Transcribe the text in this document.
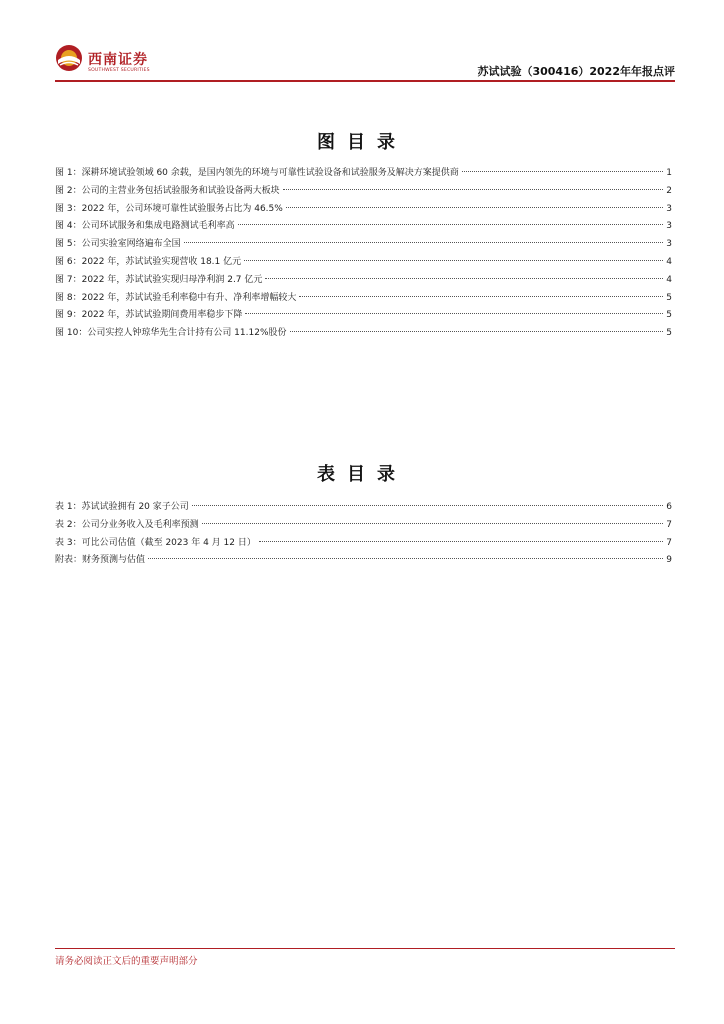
西南证券
SOUTHWEST SECURITIES	苏试试验（300416）2022年年报点评
图目录
图 1：深耕环境试验领域 60 余载，是国内领先的环境与可靠性试验设备和试验服务及解决方案提供商	1
图 2：公司的主营业务包括试验服务和试验设备两大板块	2
图 3：2022 年，公司环境可靠性试验服务占比为 46.5%	3
图 4：公司环试服务和集成电路测试毛利率高	3
图 5：公司实验室网络遍布全国	3
图 6：2022 年，苏试试验实现营收 18.1 亿元	4
图 7：2022 年，苏试试验实现归母净利润 2.7 亿元	4
图 8：2022 年，苏试试验毛利率稳中有升、净利率增幅较大	5
图 9：2022 年，苏试试验期间费用率稳步下降	5
图 10：公司实控人钟琼华先生合计持有公司 11.12%股份	5
表目录
表 1：苏试试验拥有 20 家子公司	6
表 2：公司分业务收入及毛利率预测	7
表 3：可比公司估值（截至 2023 年 4 月 12 日）	7
附表：财务预测与估值	9
请务必阅读正文后的重要声明部分
